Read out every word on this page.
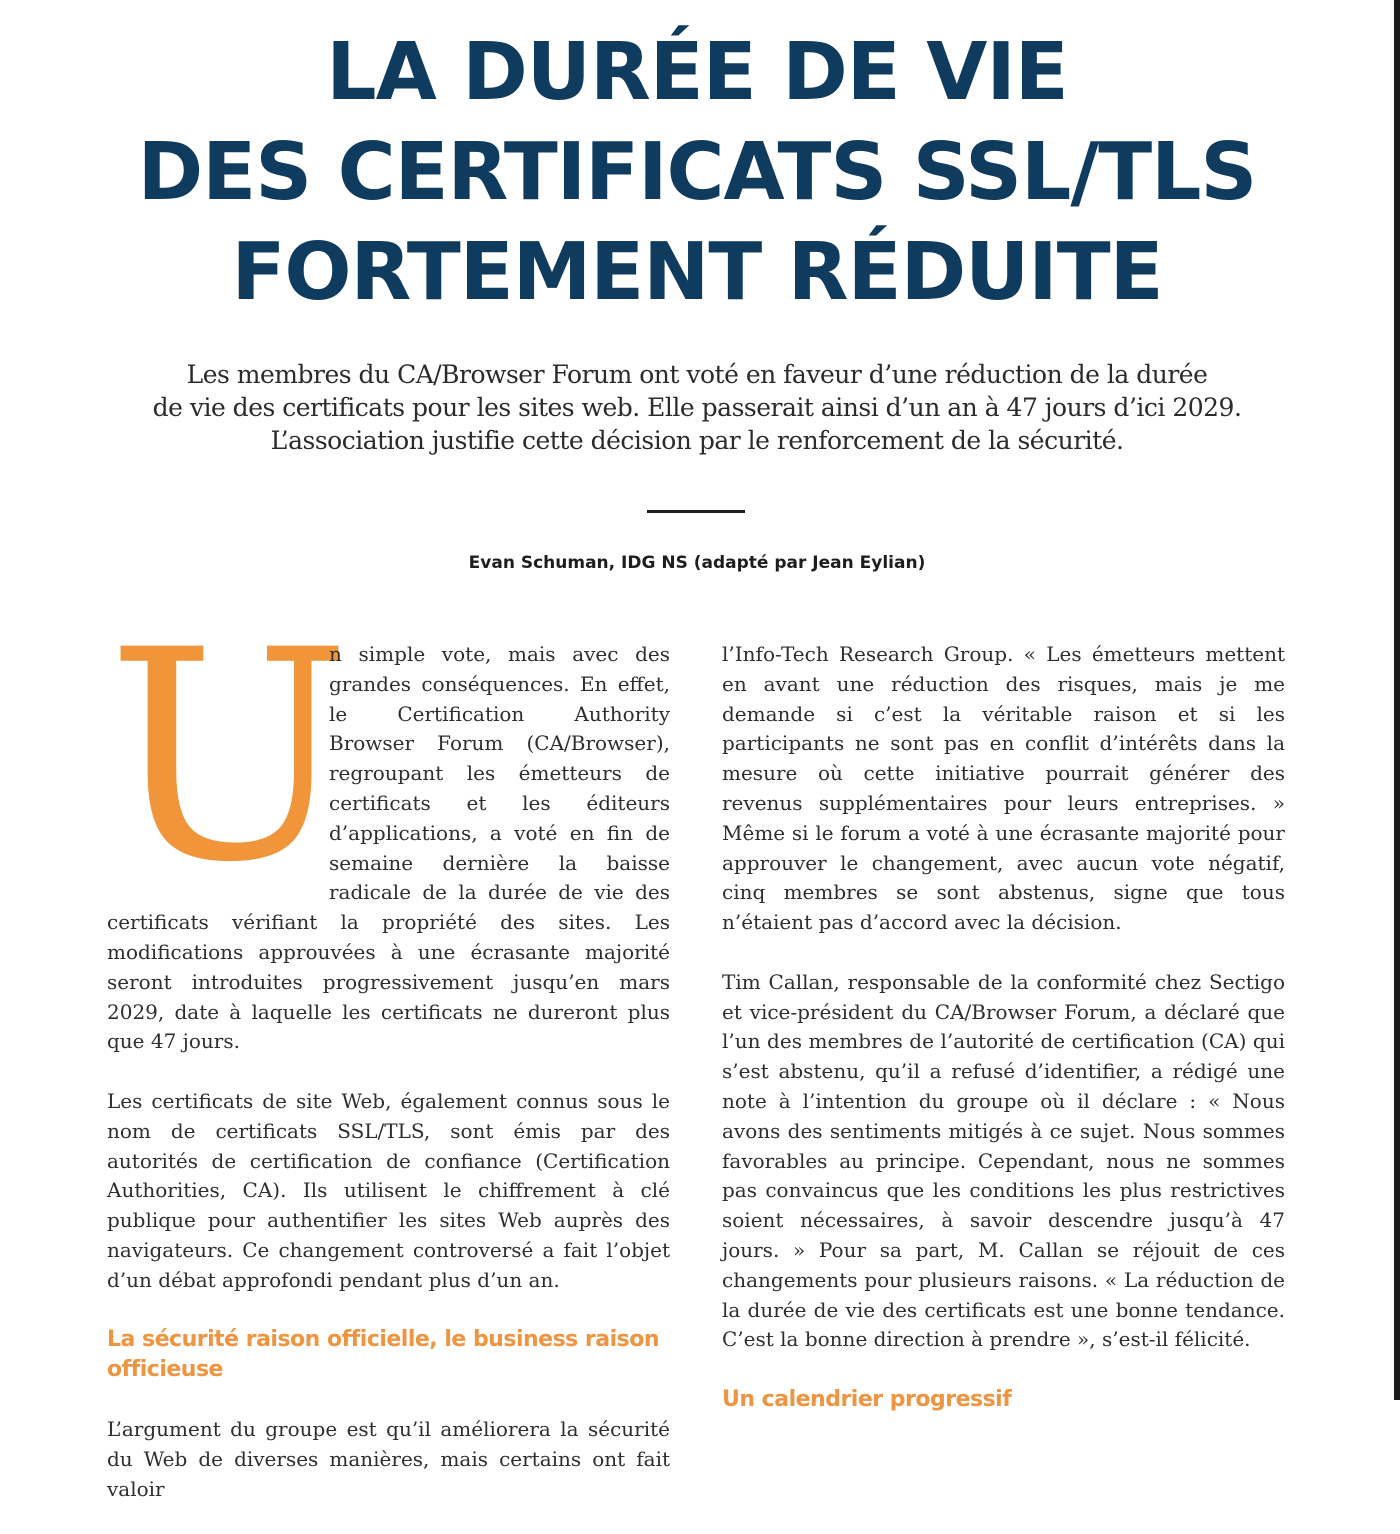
LA DURÉE DE VIE
DES CERTIFICATS SSL/TLS
FORTEMENT RÉDUITE
Les membres du CA/Browser Forum ont voté en faveur d’une réduction de la durée
de vie des certificats pour les sites web. Elle passerait ainsi d’un an à 47 jours d’ici 2029.
L’association justifie cette décision par le renforcement de la sécurité.
Evan Schuman, IDG NS (adapté par Jean Eylian)

U
n simple vote, mais avec des grandes conséquences. En effet, le Certification Authority Browser Forum (CA/Browser), regroupant les émetteurs de certificats et les éditeurs d’applications, a voté en fin de semaine dernière la baisse radicale de la durée de vie des certificats vérifiant la propriété des sites. Les modifications approuvées à une écrasante majorité seront introduites progressivement jusqu’en mars 2029, date à laquelle les certificats ne dureront plus que 47 jours.

Les certificats de site Web, également connus sous le nom de certificats SSL/TLS, sont émis par des autorités de certification de confiance (Certification Authorities, CA). Ils utilisent le chiffrement à clé publique pour authentifier les sites Web auprès des navigateurs. Ce changement controversé a fait l’objet d’un débat approfondi pendant plus d’un an.

La sécurité raison officielle, le business raison officieuse

L’argument du groupe est qu’il améliorera la sécurité du Web de diverses manières, mais certains ont fait valoir

l’Info-Tech Research Group. « Les émetteurs mettent en avant une réduction des risques, mais je me demande si c’est la véritable raison et si les participants ne sont pas en conflit d’intérêts dans la mesure où cette initiative pourrait générer des revenus supplémentaires pour leurs entreprises. » Même si le forum a voté à une écrasante majorité pour approuver le changement, avec aucun vote négatif, cinq membres se sont abstenus, signe que tous n’étaient pas d’accord avec la décision.

Tim Callan, responsable de la conformité chez Sectigo et vice-président du CA/Browser Forum, a déclaré que l’un des membres de l’autorité de certification (CA) qui s’est abstenu, qu’il a refusé d’identifier, a rédigé une note à l’intention du groupe où il déclare : « Nous avons des sentiments mitigés à ce sujet. Nous sommes favorables au principe. Cependant, nous ne sommes pas convaincus que les conditions les plus restrictives soient nécessaires, à savoir descendre jusqu’à 47 jours. » Pour sa part, M. Callan se réjouit de ces changements pour plusieurs raisons. « La réduction de la durée de vie des certificats est une bonne tendance. C’est la bonne direction à prendre », s’est-il félicité.

Un calendrier progressif
